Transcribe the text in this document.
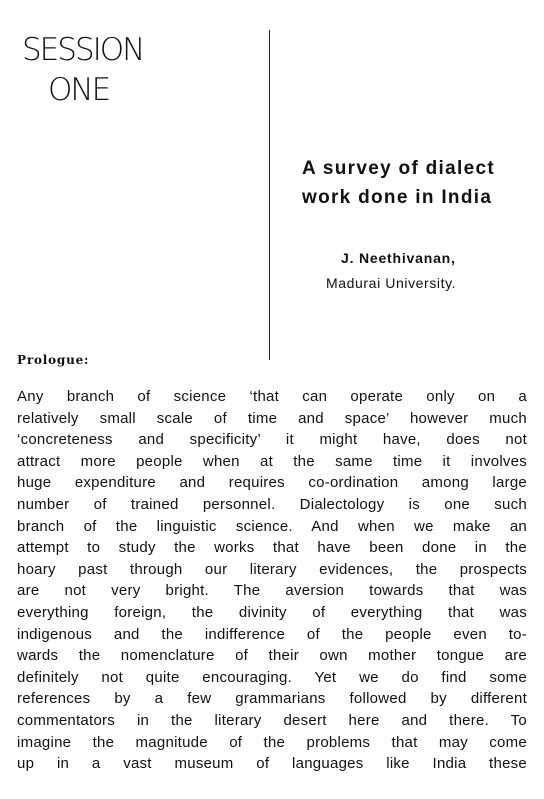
SESSION
ONE
A survey of dialect
work done in India
J. Neethivanan,
Madurai University.
Prologue:
Any branch of science ‘that can operate only on a
relatively small scale of time and space’ however much
‘concreteness and specificity’ it might have, does not
attract more people when at the same time it involves
huge expenditure and requires co-ordination among large
number of trained personnel. Dialectology is one such
branch of the linguistic science. And when we make an
attempt to study the works that have been done in the
hoary past through our literary evidences, the prospects
are not very bright. The aversion towards that was
everything foreign, the divinity of everything that was
indigenous and the indifference of the people even to-
wards the nomenclature of their own mother tongue are
definitely not quite encouraging. Yet we do find some
references by a few grammarians followed by different
commentators in the literary desert here and there. To
imagine the magnitude of the problems that may come
up in a vast museum of languages like India these
